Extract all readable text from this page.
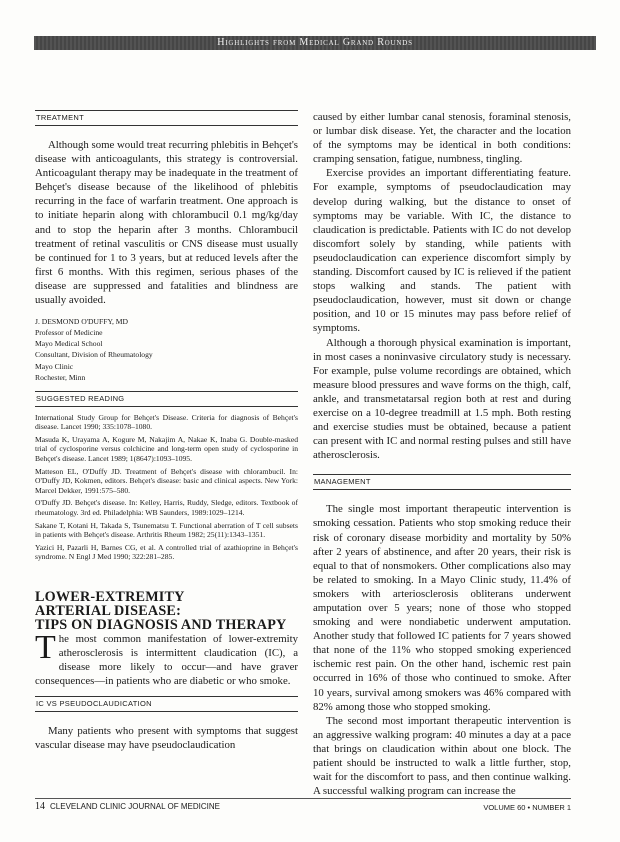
Highlights from Medical Grand Rounds
TREATMENT

Although some would treat recurring phlebitis in Behçet's disease with anticoagulants, this strategy is controversial. Anticoagulant therapy may be inadequate in the treatment of Behçet's disease because of the likelihood of phlebitis recurring in the face of warfarin treatment. One approach is to initiate heparin along with chlorambucil 0.1 mg/kg/day and to stop the heparin after 3 months. Chlorambucil treatment of retinal vasculitis or CNS disease must usually be continued for 1 to 3 years, but at reduced levels after the first 6 months. With this regimen, serious phases of the disease are suppressed and fatalities and blindness are usually avoided.

J. DESMOND O'DUFFY, MD
Professor of Medicine
Mayo Medical School
Consultant, Division of Rheumatology
Mayo Clinic
Rochester, Minn
SUGGESTED READING
International Study Group for Behçet's Disease. Criteria for diagnosis of Behçet's disease. Lancet 1990; 335:1078–1080.
Masuda K, Urayama A, Kogure M, Nakajim A, Nakae K, Inaba G. Double-masked trial of cyclosporine versus colchicine and long-term open study of cyclosporine in Behçet's disease. Lancet 1989; 1(8647):1093–1095.
Matteson EL, O'Duffy JD. Treatment of Behçet's disease with chlorambucil. In: O'Duffy JD, Kokmen, editors. Behçet's disease: basic and clinical aspects. New York: Marcel Dekker, 1991:575–580.
O'Duffy JD. Behçet's disease. In: Kelley, Harris, Ruddy, Sledge, editors. Textbook of rheumatology. 3rd ed. Philadelphia: WB Saunders, 1989:1029–1214.
Sakane T, Kotani H, Takada S, Tsunematsu T. Functional aberration of T cell subsets in patients with Behçet's disease. Arthritis Rheum 1982; 25(11):1343–1351.
Yazici H, Pazarli H, Barnes CG, et al. A controlled trial of azathioprine in Behçet's syndrome. N Engl J Med 1990; 322:281–285.
LOWER-EXTREMITY
ARTERIAL DISEASE:
TIPS ON DIAGNOSIS AND THERAPY

The most common manifestation of lower-extremity atherosclerosis is intermittent claudication (IC), a disease more likely to occur—and have graver consequences—in patients who are diabetic or who smoke.

IC VS PSEUDOCLAUDICATION

Many patients who present with symptoms that suggest vascular disease may have pseudoclaudication

caused by either lumbar canal stenosis, foraminal stenosis, or lumbar disk disease. Yet, the character and the location of the symptoms may be identical in both conditions: cramping sensation, fatigue, numbness, tingling.

Exercise provides an important differentiating feature. For example, symptoms of pseudoclaudication may develop during walking, but the distance to onset of symptoms may be variable. With IC, the distance to claudication is predictable. Patients with IC do not develop discomfort solely by standing, while patients with pseudoclaudication can experience discomfort simply by standing. Discomfort caused by IC is relieved if the patient stops walking and stands. The patient with pseudoclaudication, however, must sit down or change position, and 10 or 15 minutes may pass before relief of symptoms.

Although a thorough physical examination is important, in most cases a noninvasive circulatory study is necessary. For example, pulse volume recordings are obtained, which measure blood pressures and wave forms on the thigh, calf, ankle, and transmetatarsal region both at rest and during exercise on a 10-degree treadmill at 1.5 mph. Both resting and exercise studies must be obtained, because a patient can present with IC and normal resting pulses and still have atherosclerosis.

MANAGEMENT

The single most important therapeutic intervention is smoking cessation. Patients who stop smoking reduce their risk of coronary disease morbidity and mortality by 50% after 2 years of abstinence, and after 20 years, their risk is equal to that of nonsmokers. Other complications also may be related to smoking. In a Mayo Clinic study, 11.4% of smokers with arteriosclerosis obliterans underwent amputation over 5 years; none of those who stopped smoking and were nondiabetic underwent amputation. Another study that followed IC patients for 7 years showed that none of the 11% who stopped smoking experienced ischemic rest pain. On the other hand, ischemic rest pain occurred in 16% of those who continued to smoke. After 10 years, survival among smokers was 46% compared with 82% among those who stopped smoking.

The second most important therapeutic intervention is an aggressive walking program: 40 minutes a day at a pace that brings on claudication within about one block. The patient should be instructed to walk a little further, stop, wait for the discomfort to pass, and then continue walking. A successful walking program can increase the

14 CLEVELAND CLINIC JOURNAL OF MEDICINE	VOLUME 60 • NUMBER 1
